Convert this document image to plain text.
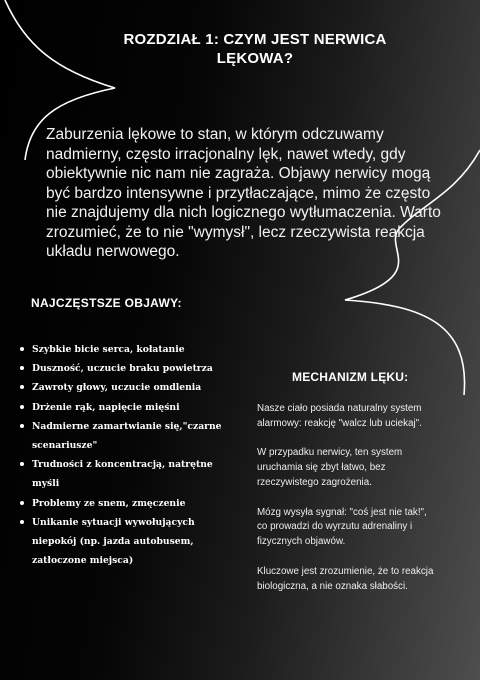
ROZDZIAŁ 1: CZYM JEST NERWICA LĘKOWA?

Zaburzenia lękowe to stan, w którym odczuwamy nadmierny, często irracjonalny lęk, nawet wtedy, gdy obiektywnie nic nam nie zagraża. Objawy nerwicy mogą być bardzo intensywne i przytłaczające, mimo że często nie znajdujemy dla nich logicznego wytłumaczenia. Warto zrozumieć, że to nie "wymysł", lecz rzeczywista reakcja układu nerwowego.

NAJCZĘSTSZE OBJAWY:
Szybkie bicie serca, kołatanie
Duszność, uczucie braku powietrza
Zawroty głowy, uczucie omdlenia
Drżenie rąk, napięcie mięśni
Nadmierne zamartwianie się,"czarne scenariusze"
Trudności z koncentracją, natrętne myśli
Problemy ze snem, zmęczenie
Unikanie sytuacji wywołujących niepokój (np. jazda autobusem, zatłoczone miejsca)
MECHANIZM LĘKU:

Nasze ciało posiada naturalny system alarmowy: reakcję "walcz lub uciekaj".

W przypadku nerwicy, ten system uruchamia się zbyt łatwo, bez rzeczywistego zagrożenia.

Mózg wysyła sygnał: "coś jest nie tak!", co prowadzi do wyrzutu adrenaliny i fizycznych objawów.

Kluczowe jest zrozumienie, że to reakcja biologiczna, a nie oznaka słabości.
